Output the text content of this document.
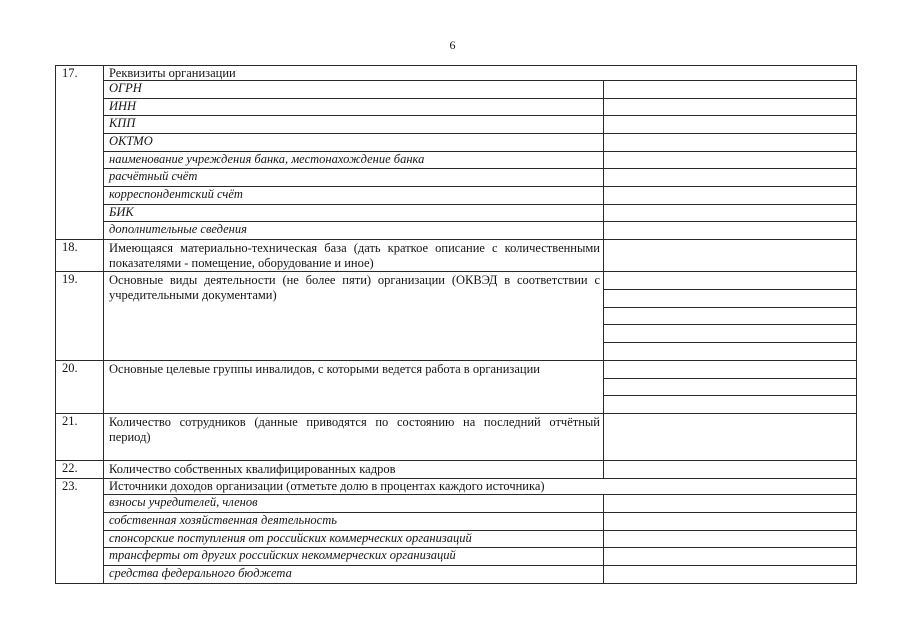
6
17.	Реквизиты организации
ОГРН
ИНН
КПП
ОКТМО
наименование учреждения банка, местонахождение банка
расчётный счёт
корреспондентский счёт
БИК
дополнительные сведения
18.	Имеющаяся материально-техническая база (дать краткое описание с количественными показателями - помещение, оборудование и иное)
19.	Основные виды деятельности (не более пяти) организации (ОКВЭД в соответствии с учредительными документами)
20.	Основные целевые группы инвалидов, с которыми ведется работа в организации
21.	Количество сотрудников (данные приводятся по состоянию на последний отчётный период)
22.	Количество собственных квалифицированных кадров
23.	Источники доходов организации (отметьте долю в процентах каждого источника)
взносы учредителей, членов
собственная хозяйственная деятельность
спонсорские поступления от российских коммерческих организаций
трансферты от других российских некоммерческих организаций
средства федерального бюджета
